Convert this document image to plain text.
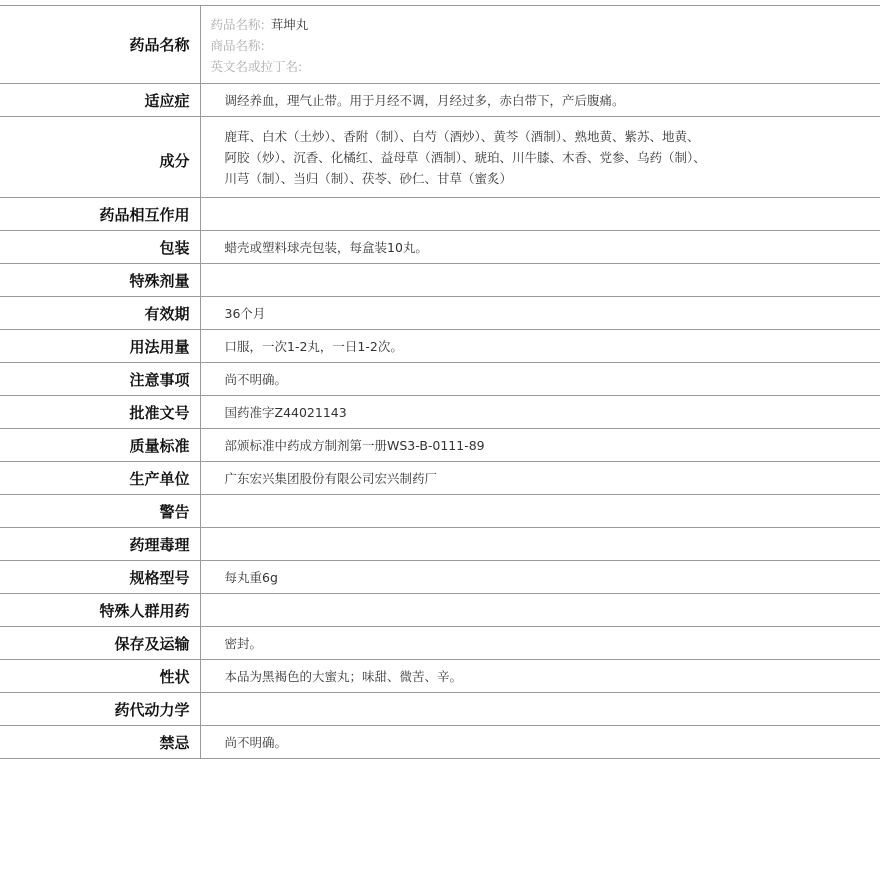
药品名称	药品名称: 茸坤丸
商品名称:
英文名或拉丁名:

适应症	调经养血，理气止带。用于月经不调，月经过多，赤白带下，产后腹痛。
成分	鹿茸、白术（土炒）、香附（制）、白芍（酒炒）、黄芩（酒制）、熟地黄、紫苏、地黄、
阿胶（炒）、沉香、化橘红、益母草（酒制）、琥珀、川牛膝、木香、党参、乌药（制）、
川芎（制）、当归（制）、茯苓、砂仁、甘草（蜜炙）

药品相互作用	
包装	蜡壳或塑料球壳包装，每盒装10丸。
特殊剂量	
有效期	36个月
用法用量	口服，一次1-2丸，一日1-2次。
注意事项	尚不明确。
批准文号	国药准字Z44021143
质量标准	部颁标准中药成方制剂第一册WS3-B-0111-89
生产单位	广东宏兴集团股份有限公司宏兴制药厂
警告	
药理毒理	
规格型号	每丸重6g
特殊人群用药	
保存及运输	密封。
性状	本品为黑褐色的大蜜丸；味甜、微苦、辛。
药代动力学	
禁忌	尚不明确。
